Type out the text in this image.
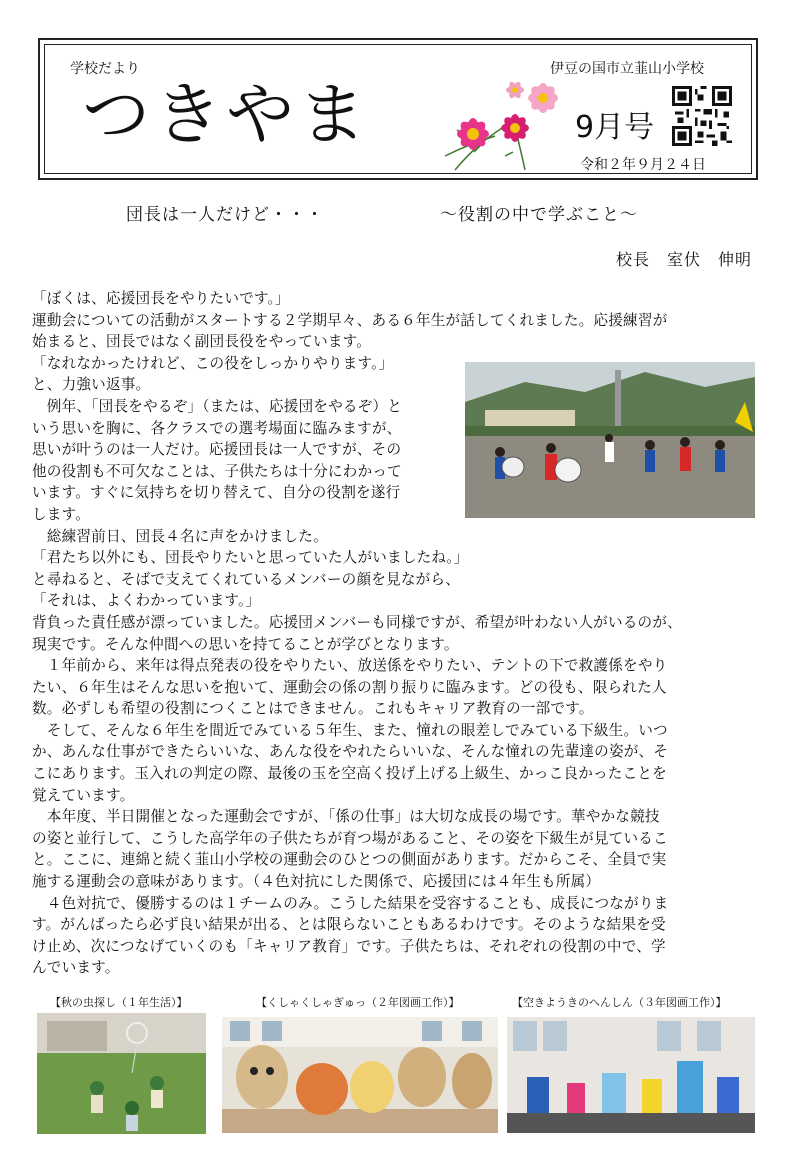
学校だより	伊豆の国市立韮山小学校
つきやま	9月号
令和２年９月２４日
団長は一人だけど・・・	～役割の中で学ぶこと～
校長　室伏　伸明
「ぼくは、応援団長をやりたいです。」
運動会についての活動がスタートする２学期早々、ある６年生が話してくれました。応援練習が
始まると、団長ではなく副団長役をやっています。
「なれなかったけれど、この役をしっかりやります。」
と、力強い返事。
　例年、「団長をやるぞ」（または、応援団をやるぞ）と
いう思いを胸に、各クラスでの選考場面に臨みますが、
思いが叶うのは一人だけ。応援団長は一人ですが、その
他の役割も不可欠なことは、子供たちは十分にわかって
います。すぐに気持ちを切り替えて、自分の役割を遂行
します。
　総練習前日、団長４名に声をかけました。
「君たち以外にも、団長やりたいと思っていた人がいましたね。」
と尋ねると、そばで支えてくれているメンバーの顔を見ながら、
「それは、よくわかっています。」
背負った責任感が漂っていました。応援団メンバーも同様ですが、希望が叶わない人がいるのが、
現実です。そんな仲間への思いを持てることが学びとなります。
　１年前から、来年は得点発表の役をやりたい、放送係をやりたい、テントの下で救護係をやり
たい、６年生はそんな思いを抱いて、運動会の係の割り振りに臨みます。どの役も、限られた人
数。必ずしも希望の役割につくことはできません。これもキャリア教育の一部です。
　そして、そんな６年生を間近でみている５年生、また、憧れの眼差しでみている下級生。いつ
か、あんな仕事ができたらいいな、あんな役をやれたらいいな、そんな憧れの先輩達の姿が、そ
こにあります。玉入れの判定の際、最後の玉を空高く投げ上げる上級生、かっこ良かったことを
覚えています。
　本年度、半日開催となった運動会ですが、「係の仕事」は大切な成長の場です。華やかな競技
の姿と並行して、こうした高学年の子供たちが育つ場があること、その姿を下級生が見ているこ
と。ここに、連綿と続く韮山小学校の運動会のひとつの側面があります。だからこそ、全員で実
施する運動会の意味があります。（４色対抗にした関係で、応援団には４年生も所属）
　４色対抗で、優勝するのは１チームのみ。こうした結果を受容することも、成長につながりま
す。がんばったら必ず良い結果が出る、とは限らないこともあるわけです。そのような結果を受
け止め、次につなげていくのも「キャリア教育」です。子供たちは、それぞれの役割の中で、学
んでいます。
【秋の虫探し（１年生活）】	【くしゃくしゃぎゅっ（２年図画工作）】	【空きようきのへんしん（３年図画工作）】
